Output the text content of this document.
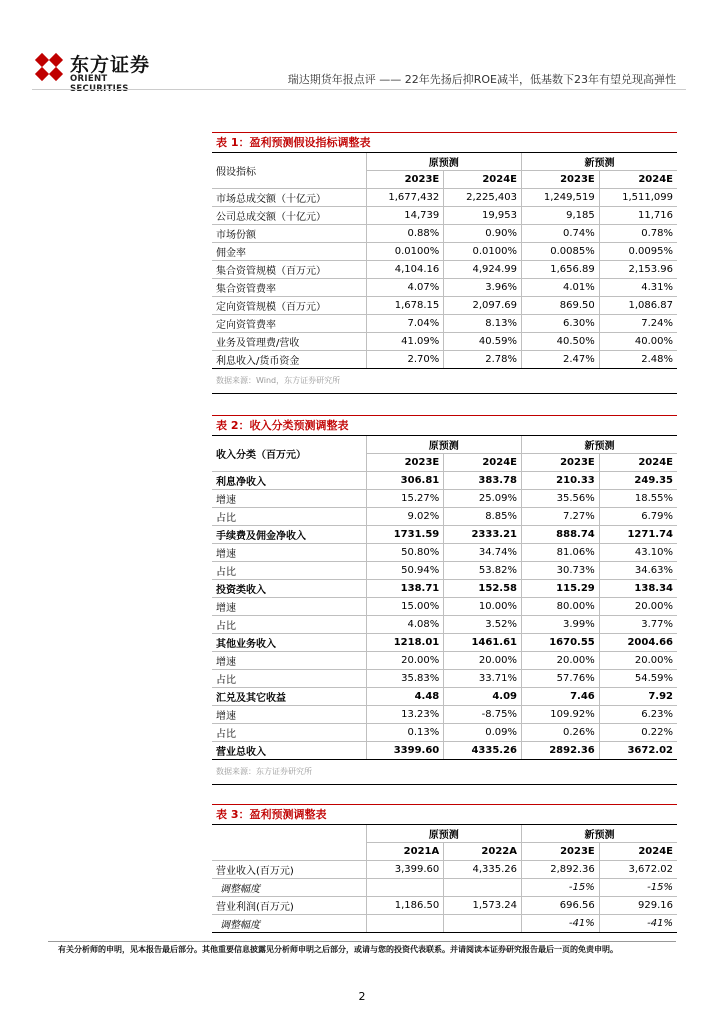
东方证券
ORIENT SECURITIES
瑞达期货年报点评 —— 22年先扬后抑ROE减半，低基数下23年有望兑现高弹性
表 1：盈利预测假设指标调整表
假设指标	原预测		新预测	
	2023E	2024E	2023E	2024E
市场总成交额（十亿元）	1,677,432	2,225,403	1,249,519	1,511,099
公司总成交额（十亿元）	14,739	19,953	9,185	11,716
市场份额	0.88%	0.90%	0.74%	0.78%
佣金率	0.0100%	0.0100%	0.0085%	0.0095%
集合资管规模（百万元）	4,104.16	4,924.99	1,656.89	2,153.96
集合资管费率	4.07%	3.96%	4.01%	4.31%
定向资管规模（百万元）	1,678.15	2,097.69	869.50	1,086.87
定向资管费率	7.04%	8.13%	6.30%	7.24%
业务及管理费/营收	41.09%	40.59%	40.50%	40.00%
利息收入/货币资金	2.70%	2.78%	2.47%	2.48%
数据来源：Wind，东方证券研究所
表 2：收入分类预测调整表
收入分类（百万元）	原预测		新预测	
	2023E	2024E	2023E	2024E
利息净收入	306.81	383.78	210.33	249.35
增速	15.27%	25.09%	35.56%	18.55%
占比	9.02%	8.85%	7.27%	6.79%
手续费及佣金净收入	1731.59	2333.21	888.74	1271.74
增速	50.80%	34.74%	81.06%	43.10%
占比	50.94%	53.82%	30.73%	34.63%
投资类收入	138.71	152.58	115.29	138.34
增速	15.00%	10.00%	80.00%	20.00%
占比	4.08%	3.52%	3.99%	3.77%
其他业务收入	1218.01	1461.61	1670.55	2004.66
增速	20.00%	20.00%	20.00%	20.00%
占比	35.83%	33.71%	57.76%	54.59%
汇兑及其它收益	4.48	4.09	7.46	7.92
增速	13.23%	-8.75%	109.92%	6.23%
占比	0.13%	0.09%	0.26%	0.22%
营业总收入	3399.60	4335.26	2892.36	3672.02
数据来源：东方证券研究所
表 3：盈利预测调整表
	原预测		新预测	
	2021A	2022A	2023E	2024E
营业收入(百万元)	3,399.60	4,335.26	2,892.36	3,672.02
调整幅度			-15%	-15%
营业利润(百万元)	1,186.50	1,573.24	696.56	929.16
调整幅度			-41%	-41%
有关分析师的申明，见本报告最后部分。其他重要信息披露见分析师申明之后部分，或请与您的投资代表联系。并请阅读本证券研究报告最后一页的免责申明。
2
